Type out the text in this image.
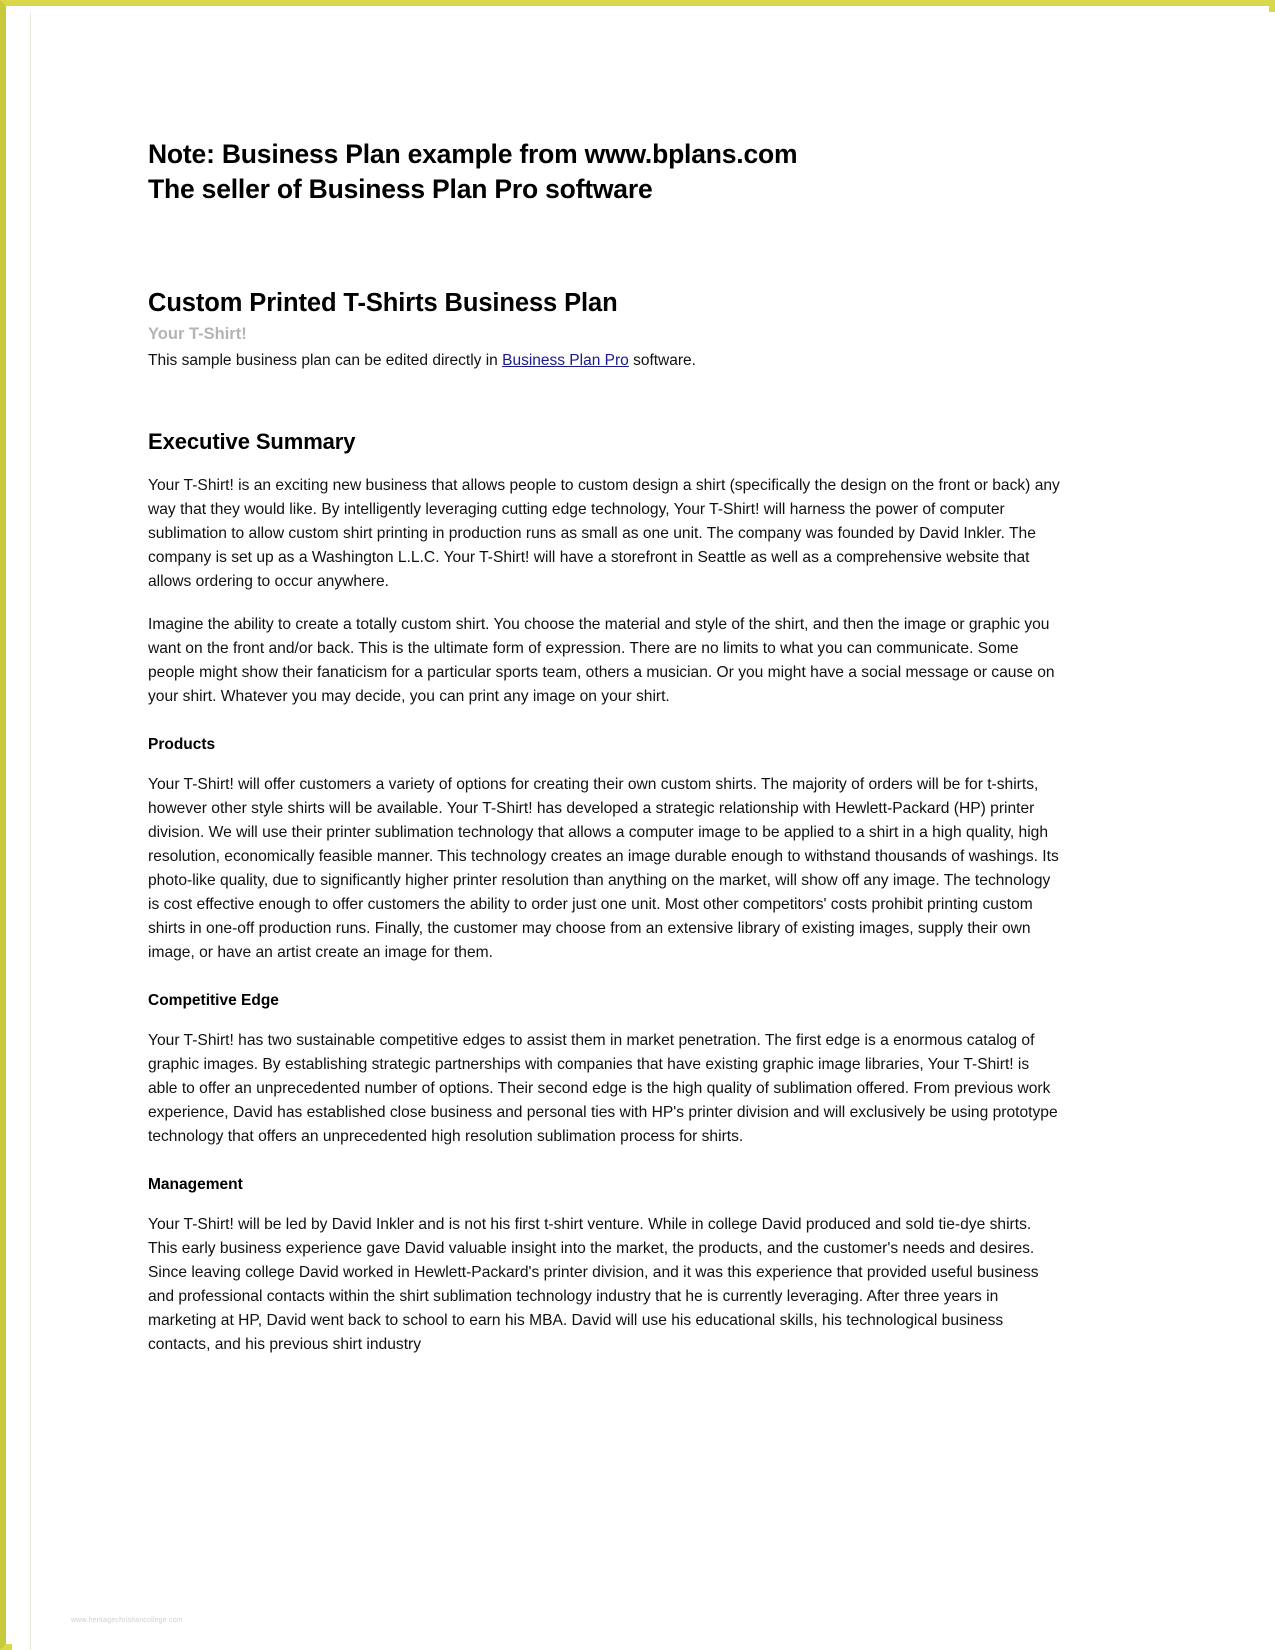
Note: Business Plan example from www.bplans.com
The seller of Business Plan Pro software
Custom Printed T-Shirts Business Plan
Your T-Shirt!
This sample business plan can be edited directly in Business Plan Pro software.
Executive Summary

Your T-Shirt! is an exciting new business that allows people to custom design a shirt (specifically the design on the front or back) any way that they would like. By intelligently leveraging cutting edge technology, Your T-Shirt! will harness the power of computer sublimation to allow custom shirt printing in production runs as small as one unit. The company was founded by David Inkler. The company is set up as a Washington L.L.C. Your T-Shirt! will have a storefront in Seattle as well as a comprehensive website that allows ordering to occur anywhere.

Imagine the ability to create a totally custom shirt. You choose the material and style of the shirt, and then the image or graphic you want on the front and/or back. This is the ultimate form of expression. There are no limits to what you can communicate. Some people might show their fanaticism for a particular sports team, others a musician. Or you might have a social message or cause on your shirt. Whatever you may decide, you can print any image on your shirt.

Products

Your T-Shirt! will offer customers a variety of options for creating their own custom shirts. The majority of orders will be for t-shirts, however other style shirts will be available. Your T-Shirt! has developed a strategic relationship with Hewlett-Packard (HP) printer division. We will use their printer sublimation technology that allows a computer image to be applied to a shirt in a high quality, high resolution, economically feasible manner. This technology creates an image durable enough to withstand thousands of washings. Its photo-like quality, due to significantly higher printer resolution than anything on the market, will show off any image. The technology is cost effective enough to offer customers the ability to order just one unit. Most other competitors' costs prohibit printing custom shirts in one-off production runs. Finally, the customer may choose from an extensive library of existing images, supply their own image, or have an artist create an image for them.

Competitive Edge

Your T-Shirt! has two sustainable competitive edges to assist them in market penetration. The first edge is a enormous catalog of graphic images. By establishing strategic partnerships with companies that have existing graphic image libraries, Your T-Shirt! is able to offer an unprecedented number of options. Their second edge is the high quality of sublimation offered. From previous work experience, David has established close business and personal ties with HP's printer division and will exclusively be using prototype technology that offers an unprecedented high resolution sublimation process for shirts.

Management

Your T-Shirt! will be led by David Inkler and is not his first t-shirt venture. While in college David produced and sold tie-dye shirts. This early business experience gave David valuable insight into the market, the products, and the customer's needs and desires. Since leaving college David worked in Hewlett-Packard's printer division, and it was this experience that provided useful business and professional contacts within the shirt sublimation technology industry that he is currently leveraging. After three years in marketing at HP, David went back to school to earn his MBA. David will use his educational skills, his technological business contacts, and his previous shirt industry

www.heritagechristiancollege.com
